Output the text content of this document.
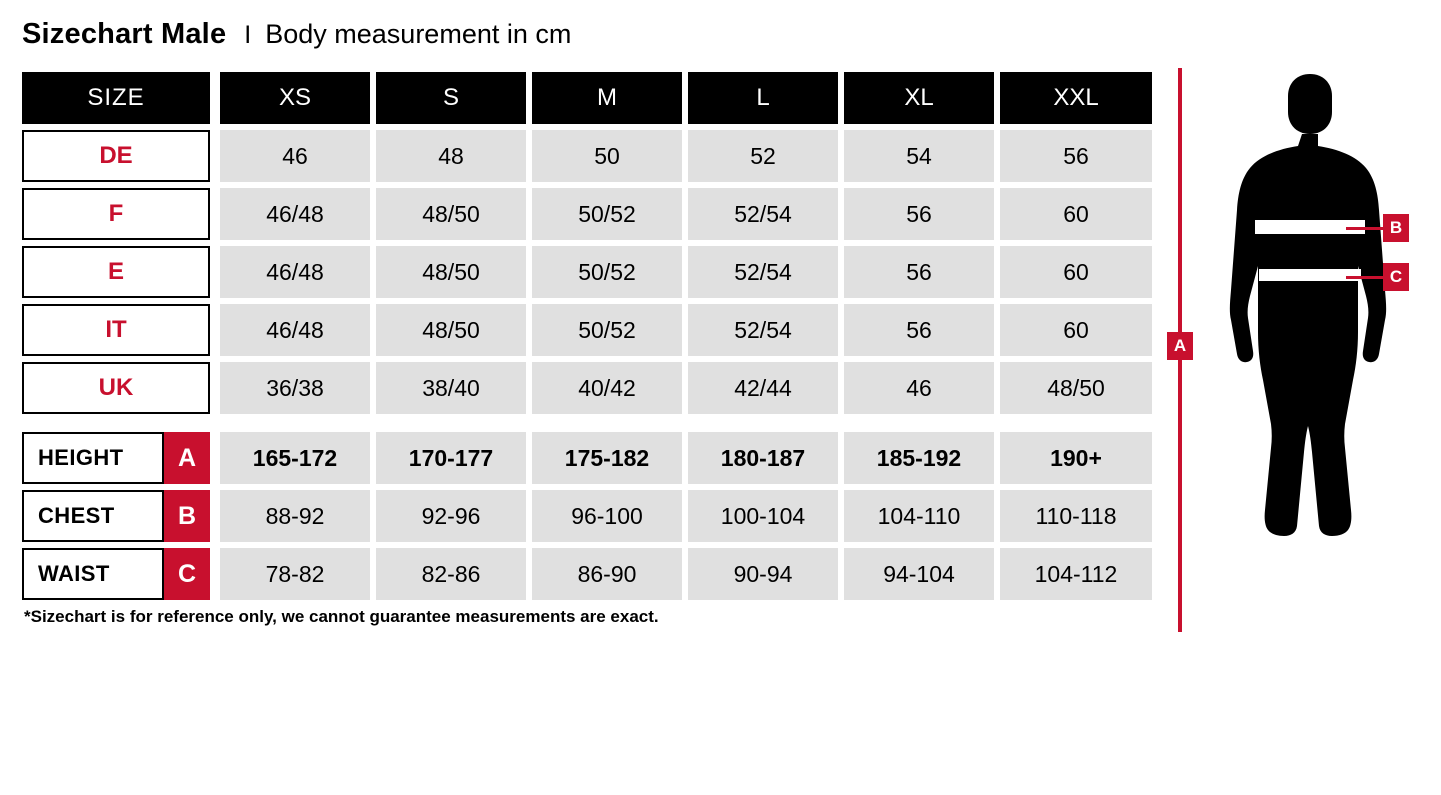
Sizechart Male I Body measurement in cm
SIZE	XS	S	M	L	XL	XXL
DE	46	48	50	52	54	56
F	46/48	48/50	50/52	52/54	56	60
E	46/48	48/50	50/52	52/54	56	60
IT	46/48	48/50	50/52	52/54	56	60
UK	36/38	38/40	40/42	42/44	46	48/50
HEIGHT	A	165-172	170-177	175-182	180-187	185-192	190+
CHEST	B	88-92	92-96	96-100	100-104	104-110	110-118
WAIST	C	78-82	82-86	86-90	90-94	94-104	104-112
*Sizechart is for reference only, we cannot guarantee measurements are exact.
A
B
C
